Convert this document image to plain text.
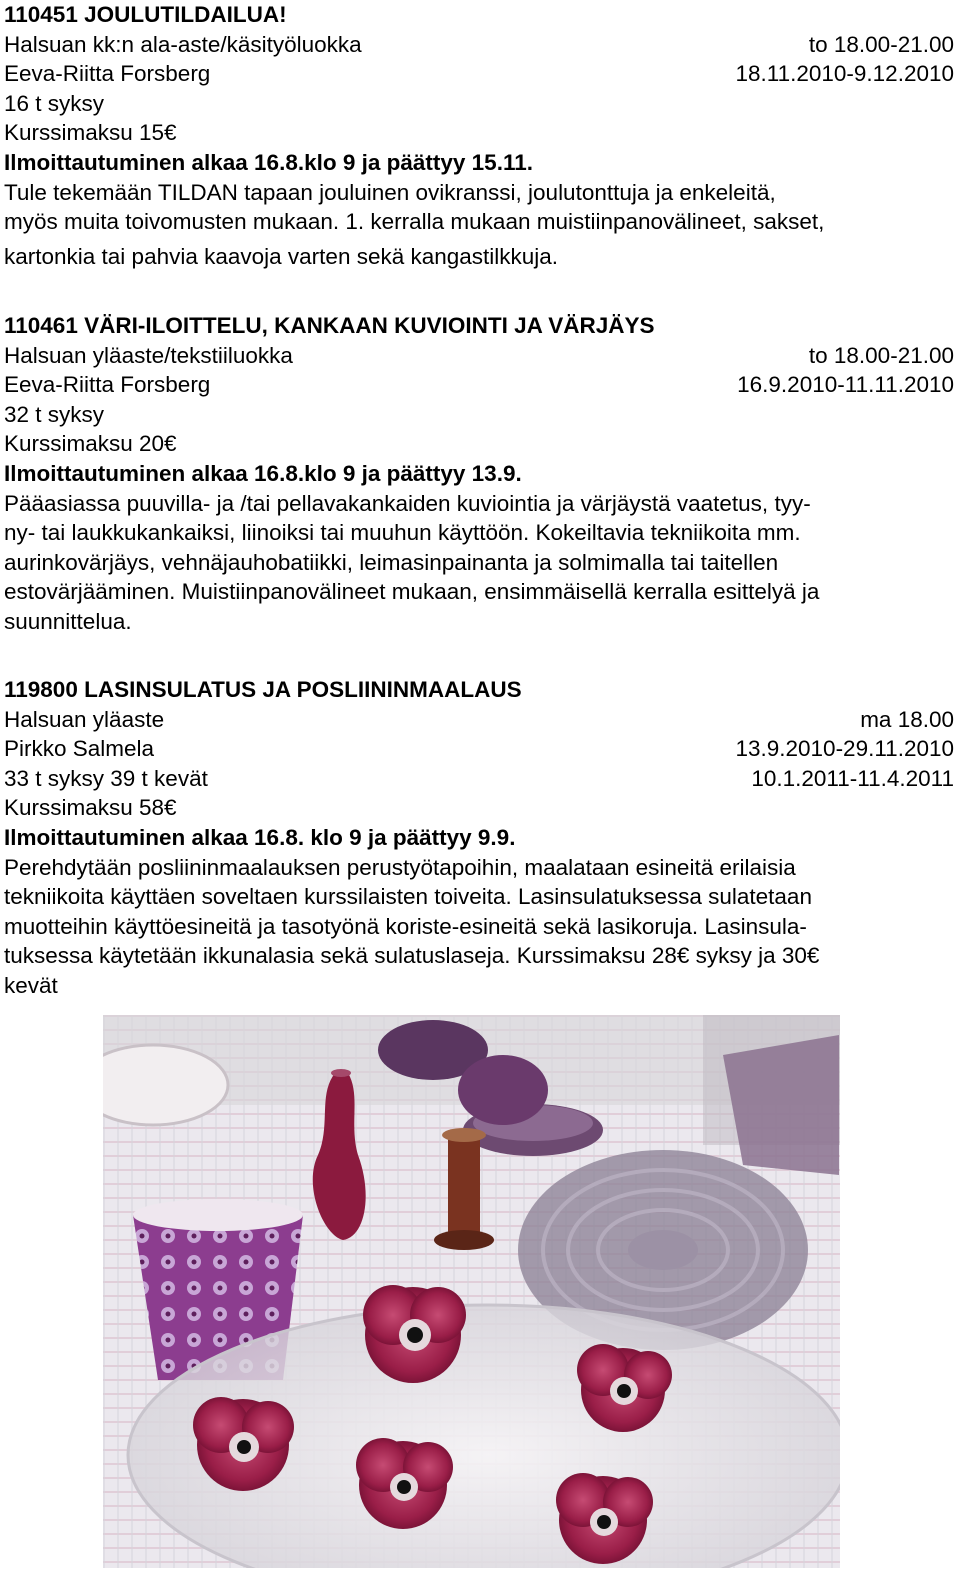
110451 JOULUTILDAILUA!
Halsuan kk:n ala-aste/käsityöluokka	to 18.00-21.00
Eeva-Riitta Forsberg	18.11.2010-9.12.2010
16 t syksy
Kurssimaksu 15€
Ilmoittautuminen alkaa 16.8.klo 9 ja päättyy 15.11.
Tule tekemään TILDAN tapaan jouluinen ovikranssi, joulutonttuja ja enkeleitä,
myös muita toivomusten mukaan. 1. kerralla mukaan muistiinpanovälineet, sakset,
kartonkia tai pahvia kaavoja varten sekä kangastilkkuja.
110461 VÄRI-ILOITTELU, KANKAAN KUVIOINTI JA VÄRJÄYS
Halsuan yläaste/tekstiiluokka	to 18.00-21.00
Eeva-Riitta Forsberg	16.9.2010-11.11.2010
32 t syksy
Kurssimaksu 20€
Ilmoittautuminen alkaa 16.8.klo 9 ja päättyy 13.9.
Pääasiassa puuvilla- ja /tai pellavakankaiden kuviointia ja värjäystä vaatetus, tyy-
ny- tai laukkukankaiksi, liinoiksi tai muuhun käyttöön. Kokeiltavia tekniikoita mm.
aurinkovärjäys, vehnäjauhobatiikki, leimasinpainanta ja solmimalla tai taitellen
estovärjääminen. Muistiinpanovälineet mukaan, ensimmäisellä kerralla esittelyä ja
suunnittelua.
119800 LASINSULATUS JA POSLIININMAALAUS
Halsuan yläaste	ma 18.00
Pirkko Salmela	13.9.2010-29.11.2010
33 t syksy 39 t kevät	10.1.2011-11.4.2011
Kurssimaksu 58€
Ilmoittautuminen alkaa 16.8. klo 9 ja päättyy 9.9.
Perehdytään posliininmaalauksen perustyötapoihin, maalataan esineitä erilaisia
tekniikoita käyttäen soveltaen kurssilaisten toiveita. Lasinsulatuksessa sulatetaan
muotteihin käyttöesineitä ja tasotyönä koriste-esineitä sekä lasikoruja. Lasinsula-
tuksessa käytetään ikkunalasia sekä sulatuslaseja. Kurssimaksu 28€ syksy ja 30€
kevät
